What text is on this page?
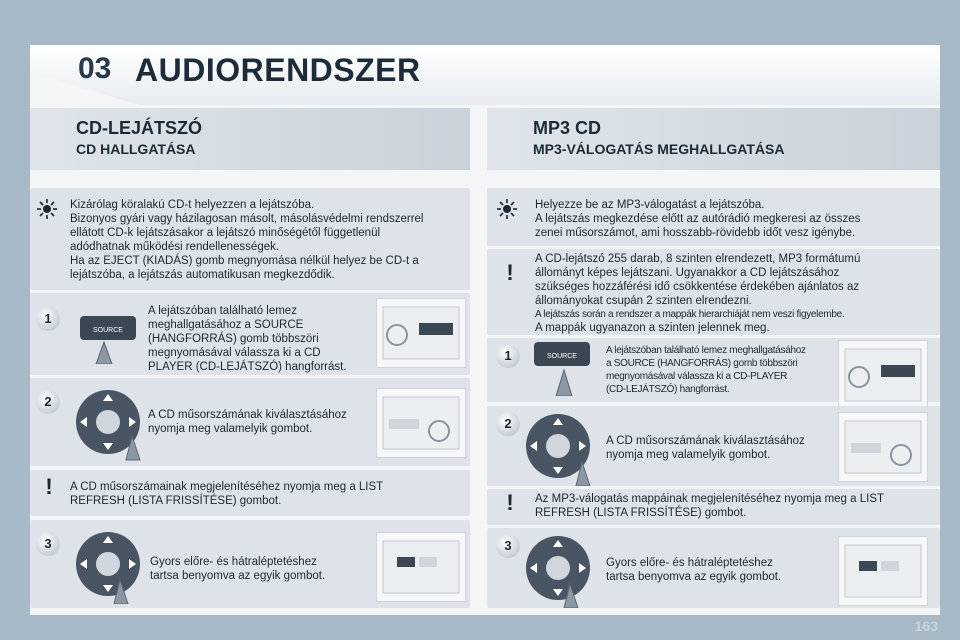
03 AUDIORENDSZER
CD-LEJÁTSZÓ
CD HALLGATÁSA
Kizárólag köralakú CD-t helyezzen a lejátszóba.
Bizonyos gyári vagy házilagosan másolt, másolásvédelmi rendszerrel
ellátott CD-k lejátszásakor a lejátszó minőségétől függetlenül
adódhatnak működési rendellenességek.
Ha az EJECT (KIADÁS) gomb megnyomása nélkül helyez be CD-t a
lejátszóba, a lejátszás automatikusan megkezdődik.
1
SOURCE
A lejátszóban található lemez
meghallgatásához a SOURCE
(HANGFORRÁS) gomb többszöri
megnyomásával válassza ki a CD
PLAYER (CD-LEJÁTSZÓ) hangforrást.
2
A CD műsorszámának kiválasztásához
nyomja meg valamelyik gombot.
! A CD műsorszámainak megjelenítéséhez nyomja meg a LIST
REFRESH (LISTA FRISSÍTÉSE) gombot.
3
Gyors előre- és hátraléptetéshez
tartsa benyomva az egyik gombot.
MP3 CD
MP3-VÁLOGATÁS MEGHALLGATÁSA
Helyezze be az MP3-válogatást a lejátszóba.
A lejátszás megkezdése előtt az autórádió megkeresi az összes
zenei műsorszámot, ami hosszabb-rövidebb időt vesz igénybe.
!
A CD-lejátszó 255 darab, 8 szinten elrendezett, MP3 formátumú
állományt képes lejátszani. Ugyanakkor a CD lejátszásához
szükséges hozzáférési idő csökkentése érdekében ajánlatos az
állományokat csupán 2 szinten elrendezni.
A lejátszás során a rendszer a mappák hierarchiáját nem veszi figyelembe.
A mappák ugyanazon a szinten jelennek meg.
1	SOURCE
A lejátszóban található lemez meghallgatásához
a SOURCE (HANGFORRÁS) gomb többszöri
megnyomásával válassza ki a CD-PLAYER
(CD-LEJÁTSZÓ) hangforrást.
2
A CD műsorszámának kiválasztásához
nyomja meg valamelyik gombot.
! Az MP3-válogatás mappáinak megjelenítéséhez nyomja meg a LIST
REFRESH (LISTA FRISSÍTÉSE) gombot.
3
Gyors előre- és hátraléptetéshez
tartsa benyomva az egyik gombot.
163
